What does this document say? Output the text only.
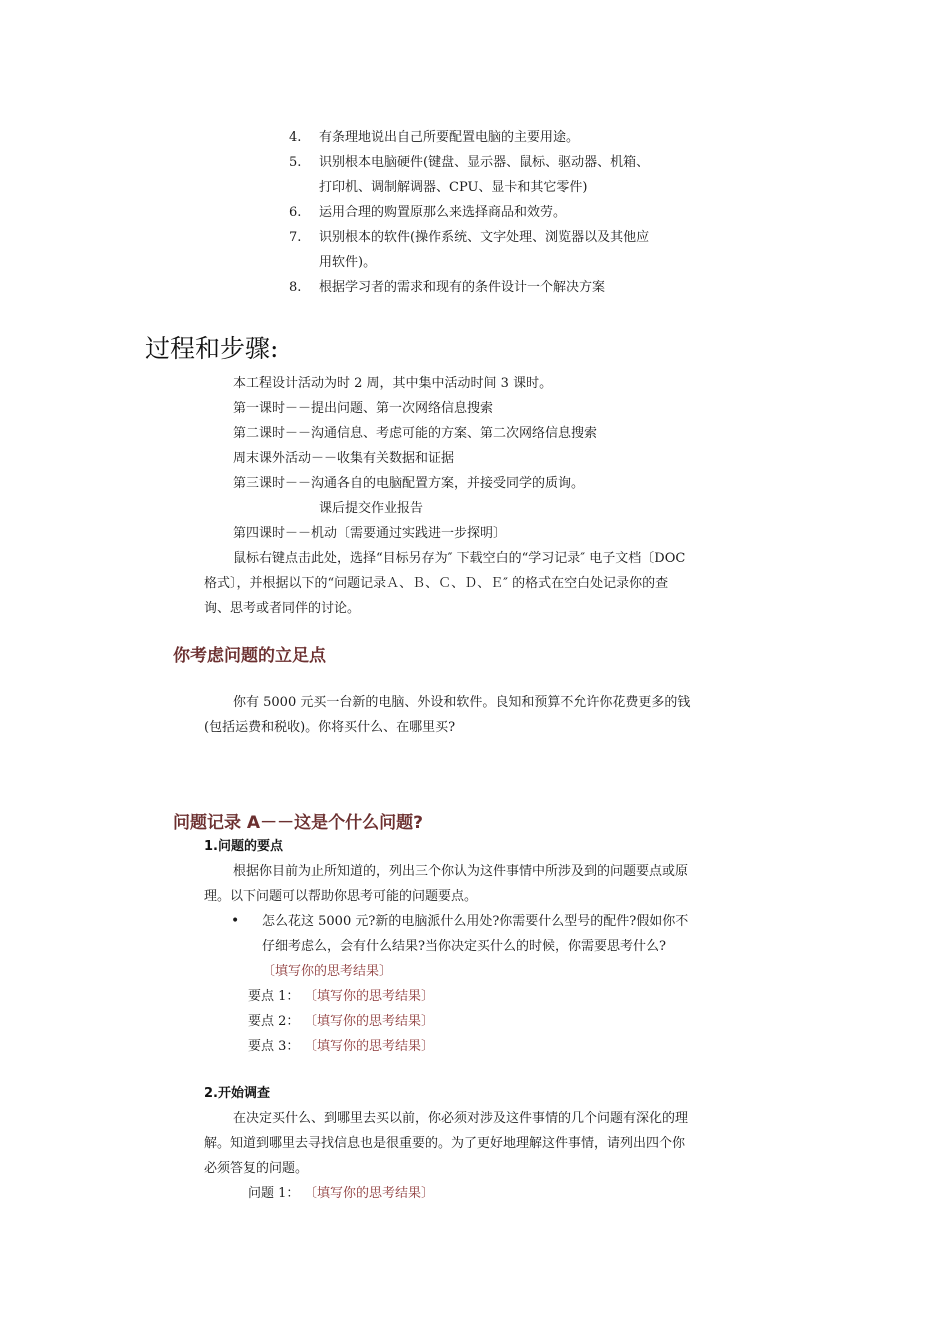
4.	有条理地说出自己所要配置电脑的主要用途。
5.	识别根本电脑硬件(键盘、显示器、鼠标、驱动器、机箱、
打印机、调制解调器、CPU、显卡和其它零件)
6.	运用合理的购置原那么来选择商品和效劳。
7.	识别根本的软件(操作系统、文字处理、浏览器以及其他应
用软件)。
8.	根据学习者的需求和现有的条件设计一个解决方案
过程和步骤:
本工程设计活动为时 2 周，其中集中活动时间 3 课时。
第一课时－－提出问题、第一次网络信息搜索
第二课时－－沟通信息、考虑可能的方案、第二次网络信息搜索
周末课外活动－－收集有关数据和证据
第三课时－－沟通各自的电脑配置方案，并接受同学的质询。
课后提交作业报告
第四课时－－机动〔需要通过实践进一步探明〕
鼠标右键点击此处，选择“目标另存为″ 下载空白的“学习记录″ 电子文档〔DOC
格式〕，并根据以下的“问题记录Ａ、Ｂ、Ｃ、Ｄ、Ｅ″ 的格式在空白处记录你的查
询、思考或者同伴的讨论。
你考虑问题的立足点
你有 5000 元买一台新的电脑、外设和软件。良知和预算不允许你花费更多的钱
(包括运费和税收)。你将买什么、在哪里买?
问题记录 A－－这是个什么问题?
1.问题的要点
根据你目前为止所知道的，列出三个你认为这件事情中所涉及到的问题要点或原
理。以下问题可以帮助你思考可能的问题要点。
• 怎么花这 5000 元?新的电脑派什么用处?你需要什么型号的配件?假如你不
仔细考虑么，会有什么结果?当你决定买什么的时候，你需要思考什么?
〔填写你的思考结果〕
要点 1： 〔填写你的思考结果〕
要点 2： 〔填写你的思考结果〕
要点 3： 〔填写你的思考结果〕
2.开始调查
在决定买什么、到哪里去买以前，你必须对涉及这件事情的几个问题有深化的理
解。知道到哪里去寻找信息也是很重要的。为了更好地理解这件事情，请列出四个你
必须答复的问题。
问题 1： 〔填写你的思考结果〕
